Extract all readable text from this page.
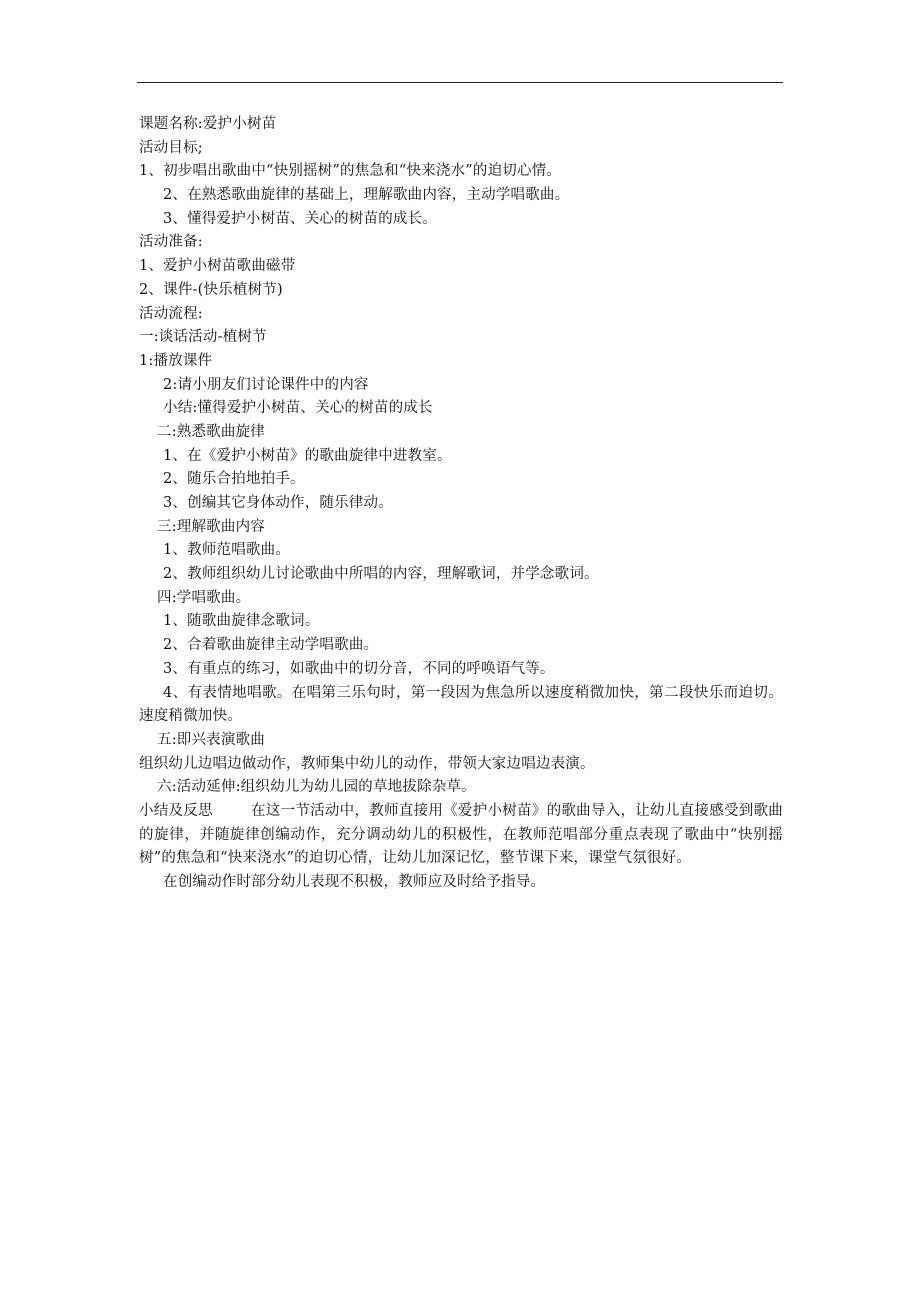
课题名称:爱护小树苗
活动目标;
1、初步唱出歌曲中“快别摇树”的焦急和“快来浇水”的迫切心情。
2、在熟悉歌曲旋律的基础上，理解歌曲内容，主动学唱歌曲。
3、懂得爱护小树苗、关心的树苗的成长。
活动准备:
1、爱护小树苗歌曲磁带
2、课件-(快乐植树节)
活动流程:
一:谈话活动-植树节
1:播放课件
2:请小朋友们讨论课件中的内容
小结:懂得爱护小树苗、关心的树苗的成长
二:熟悉歌曲旋律
1、在《爱护小树苗》的歌曲旋律中进教室。
2、随乐合拍地拍手。
3、创编其它身体动作，随乐律动。
三:理解歌曲内容
1、教师范唱歌曲。
2、教师组织幼儿讨论歌曲中所唱的内容，理解歌词，并学念歌词。
四:学唱歌曲。
1、随歌曲旋律念歌词。
2、合着歌曲旋律主动学唱歌曲。
3、有重点的练习，如歌曲中的切分音，不同的呼唤语气等。
4、有表情地唱歌。在唱第三乐句时，第一段因为焦急所以速度稍微加快，第二段快乐而迫切。速度稍微加快。
五:即兴表演歌曲
组织幼儿边唱边做动作，教师集中幼儿的动作，带领大家边唱边表演。
六:活动延伸:组织幼儿为幼儿园的草地拔除杂草。
小结及反思	在这一节活动中，教师直接用《爱护小树苗》的歌曲导入，让幼儿直接感受到歌曲的旋律，并随旋律创编动作，充分调动幼儿的积极性，在教师范唱部分重点表现了歌曲中“快别摇树”的焦急和“快来浇水”的迫切心情，让幼儿加深记忆，整节课下来，课堂气氛很好。
在创编动作时部分幼儿表现不积极，教师应及时给予指导。
